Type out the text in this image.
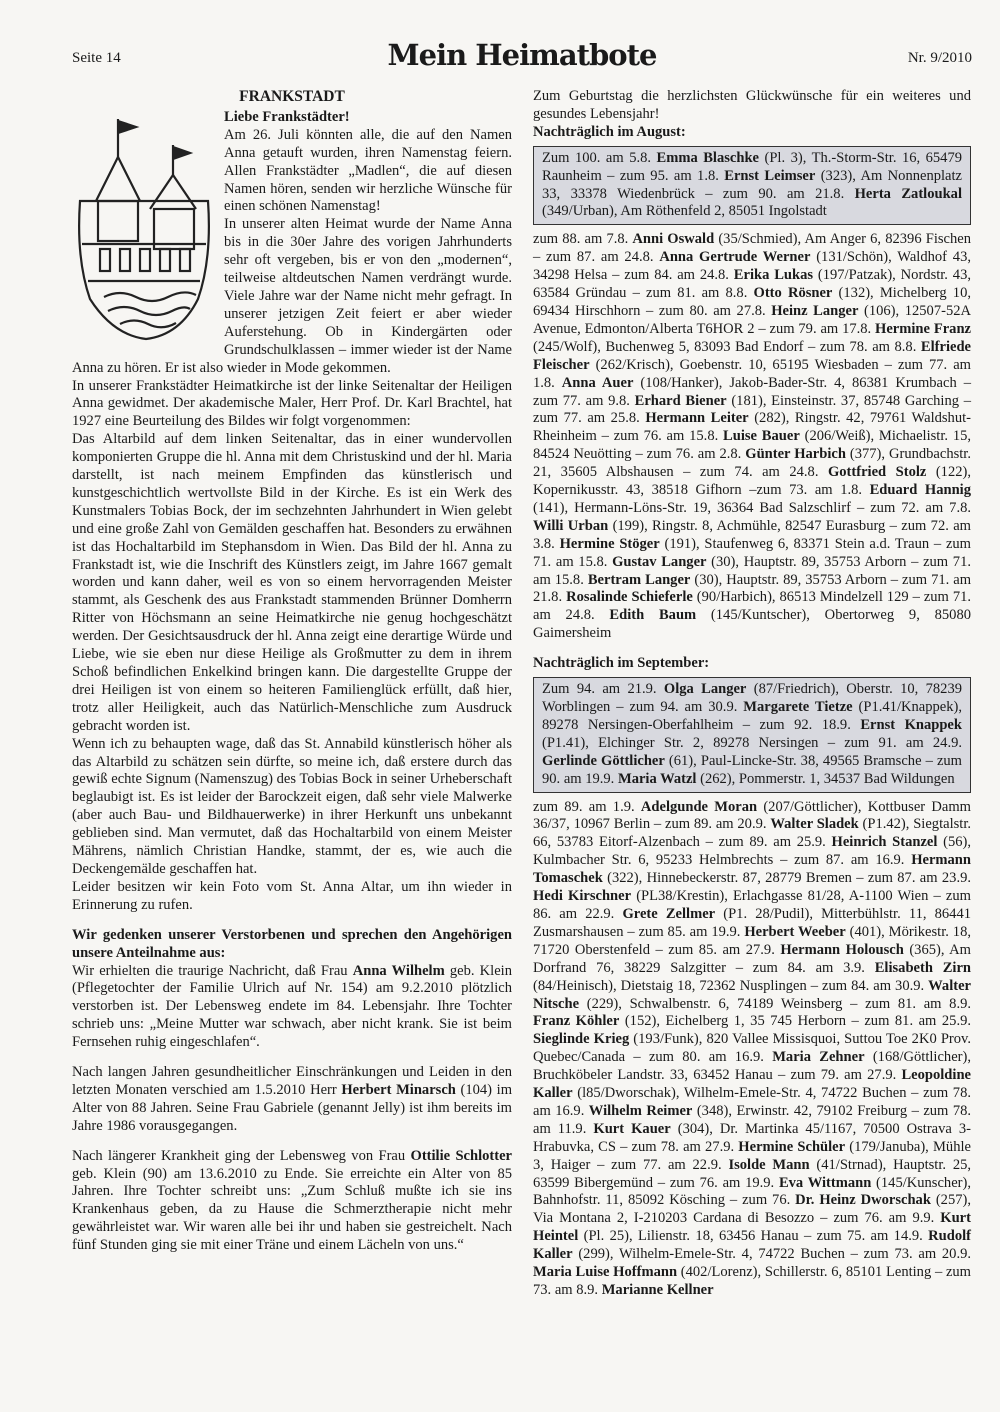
Seite 14	Mein Heimatbote	Nr. 9/2010

FRANKSTADT

Liebe Frankstädter!

Am 26. Juli könnten alle, die auf den Namen Anna getauft wurden, ihren Namenstag feiern. Allen Frankstädter „Madlen“, die auf diesen Namen hören, senden wir herzliche Wünsche für einen schönen Namenstag!

In unserer alten Heimat wurde der Name Anna bis in die 30er Jahre des vorigen Jahrhunderts sehr oft vergeben, bis er von den „modernen“, teilweise altdeutschen Namen verdrängt wurde. Viele Jahre war der Name nicht mehr gefragt. In unserer jetzigen Zeit feiert er aber wieder Auferstehung. Ob in Kindergärten oder Grundschulklassen – immer wieder ist der Name Anna zu hören. Er ist also wieder in Mode gekommen.

In unserer Frankstädter Heimatkirche ist der linke Seitenaltar der Heiligen Anna gewidmet. Der akademische Maler, Herr Prof. Dr. Karl Brachtel, hat 1927 eine Beurteilung des Bildes wir folgt vorgenommen:

Das Altarbild auf dem linken Seitenaltar, das in einer wundervollen komponierten Gruppe die hl. Anna mit dem Christuskind und der hl. Maria darstellt, ist nach meinem Empfinden das künstlerisch und kunstgeschichtlich wertvollste Bild in der Kirche. Es ist ein Werk des Kunstmalers Tobias Bock, der im sechzehnten Jahrhundert in Wien gelebt und eine große Zahl von Gemälden geschaffen hat. Besonders zu erwähnen ist das Hochaltarbild im Stephansdom in Wien. Das Bild der hl. Anna zu Frankstadt ist, wie die Inschrift des Künstlers zeigt, im Jahre 1667 gemalt worden und kann daher, weil es von so einem hervorragenden Meister stammt, als Geschenk des aus Frankstadt stammenden Brünner Domherrn Ritter von Höchsmann an seine Heimatkirche nie genug hochgeschätzt werden. Der Gesichtsausdruck der hl. Anna zeigt eine derartige Würde und Liebe, wie sie eben nur diese Heilige als Großmutter zu dem in ihrem Schoß befindlichen Enkelkind bringen kann. Die dargestellte Gruppe der drei Heiligen ist von einem so heiteren Familienglück erfüllt, daß hier, trotz aller Heiligkeit, auch das Natürlich-Menschliche zum Ausdruck gebracht worden ist.

Wenn ich zu behaupten wage, daß das St. Annabild künstlerisch höher als das Altarbild zu schätzen sein dürfte, so meine ich, daß erstere durch das gewiß echte Signum (Namenszug) des Tobias Bock in seiner Urheberschaft beglaubigt ist. Es ist leider der Barockzeit eigen, daß sehr viele Malwerke (aber auch Bau- und Bildhauerwerke) in ihrer Herkunft uns unbekannt geblieben sind. Man vermutet, daß das Hochaltarbild von einem Meister Mährens, nämlich Christian Handke, stammt, der es, wie auch die Deckengemälde geschaffen hat.

Leider besitzen wir kein Foto vom St. Anna Altar, um ihn wieder in Erinnerung zu rufen.

Wir gedenken unserer Verstorbenen und sprechen den Angehörigen unsere Anteilnahme aus:

Wir erhielten die traurige Nachricht, daß Frau Anna Wilhelm geb. Klein (Pflegetochter der Familie Ulrich auf Nr. 154) am 9.2.2010 plötzlich verstorben ist. Der Lebensweg endete im 84. Lebensjahr. Ihre Tochter schrieb uns: „Meine Mutter war schwach, aber nicht krank. Sie ist beim Fernsehen ruhig eingeschlafen“.

Nach langen Jahren gesundheitlicher Einschränkungen und Leiden in den letzten Monaten verschied am 1.5.2010 Herr Herbert Minarsch (104) im Alter von 88 Jahren. Seine Frau Gabriele (genannt Jelly) ist ihm bereits im Jahre 1986 vorausgegangen.

Nach längerer Krankheit ging der Lebensweg von Frau Ottilie Schlotter geb. Klein (90) am 13.6.2010 zu Ende. Sie erreichte ein Alter von 85 Jahren. Ihre Tochter schreibt uns: „Zum Schluß mußte ich sie ins Krankenhaus geben, da zu Hause die Schmerztherapie nicht mehr gewährleistet war. Wir waren alle bei ihr und haben sie gestreichelt. Nach fünf Stunden ging sie mit einer Träne und einem Lächeln von uns.“

Zum Geburtstag die herzlichsten Glückwünsche für ein weiteres und gesundes Lebensjahr!

Nachträglich im August:

Zum 100. am 5.8. Emma Blaschke (Pl. 3), Th.-Storm-Str. 16, 65479 Raunheim – zum 95. am 1.8. Ernst Leimser (323), Am Nonnenplatz 33, 33378 Wiedenbrück – zum 90. am 21.8. Herta Zatloukal (349/Urban), Am Röthenfeld 2, 85051 Ingolstadt

zum 88. am 7.8. Anni Oswald (35/Schmied), Am Anger 6, 82396 Fischen – zum 87. am 24.8. Anna Gertrude Werner (131/Schön), Waldhof 43, 34298 Helsa – zum 84. am 24.8. Erika Lukas (197/Patzak), Nordstr. 43, 63584 Gründau – zum 81. am 8.8. Otto Rösner (132), Michelberg 10, 69434 Hirschhorn – zum 80. am 27.8. Heinz Langer (106), 12507-52A Avenue, Edmonton/Alberta T6HOR 2 – zum 79. am 17.8. Hermine Franz (245/Wolf), Buchenweg 5, 83093 Bad Endorf – zum 78. am 8.8. Elfriede Fleischer (262/Krisch), Goebenstr. 10, 65195 Wiesbaden – zum 77. am 1.8. Anna Auer (108/Hanker), Jakob-Bader-Str. 4, 86381 Krumbach – zum 77. am 9.8. Erhard Biener (181), Einsteinstr. 37, 85748 Garching – zum 77. am 25.8. Hermann Leiter (282), Ringstr. 42, 79761 Waldshut-Rheinheim – zum 76. am 15.8. Luise Bauer (206/Weiß), Michaelistr. 15, 84524 Neuötting – zum 76. am 2.8. Günter Harbich (377), Grundbachstr. 21, 35605 Albshausen – zum 74. am 24.8. Gottfried Stolz (122), Kopernikusstr. 43, 38518 Gifhorn –zum 73. am 1.8. Eduard Hannig (141), Hermann-Löns-Str. 19, 36364 Bad Salzschlirf – zum 72. am 7.8. Willi Urban (199), Ringstr. 8, Achmühle, 82547 Eurasburg – zum 72. am 3.8. Hermine Stöger (191), Staufenweg 6, 83371 Stein a.d. Traun – zum 71. am 15.8. Gustav Langer (30), Hauptstr. 89, 35753 Arborn – zum 71. am 15.8. Bertram Langer (30), Hauptstr. 89, 35753 Arborn – zum 71. am 21.8. Rosalinde Schieferle (90/Harbich), 86513 Mindelzell 129 – zum 71. am 24.8. Edith Baum (145/Kuntscher), Obertorweg 9, 85080 Gaimersheim

Nachträglich im September:

Zum 94. am 21.9. Olga Langer (87/Friedrich), Oberstr. 10, 78239 Worblingen – zum 94. am 30.9. Margarete Tietze (P1.41/Knappek), 89278 Nersingen-Oberfahlheim – zum 92. 18.9. Ernst Knappek (P1.41), Elchinger Str. 2, 89278 Nersingen – zum 91. am 24.9. Gerlinde Göttlicher (61), Paul-Lincke-Str. 38, 49565 Bramsche – zum 90. am 19.9. Maria Watzl (262), Pommerstr. 1, 34537 Bad Wildungen

zum 89. am 1.9. Adelgunde Moran (207/Göttlicher), Kottbuser Damm 36/37, 10967 Berlin – zum 89. am 20.9. Walter Sladek (P1.42), Siegtalstr. 66, 53783 Eitorf-Alzenbach – zum 89. am 25.9. Heinrich Stanzel (56), Kulmbacher Str. 6, 95233 Helmbrechts – zum 87. am 16.9. Hermann Tomaschek (322), Hinnebeckerstr. 87, 28779 Bremen – zum 87. am 23.9. Hedi Kirschner (PL38/Krestin), Erlachgasse 81/28, A-1100 Wien – zum 86. am 22.9. Grete Zellmer (P1. 28/Pudil), Mitterbühlstr. 11, 86441 Zusmarshausen – zum 85. am 19.9. Herbert Weeber (401), Mörikestr. 18, 71720 Oberstenfeld – zum 85. am 27.9. Hermann Holousch (365), Am Dorfrand 76, 38229 Salzgitter – zum 84. am 3.9. Elisabeth Zirn (84/Heinisch), Dietstaig 18, 72362 Nusplingen – zum 84. am 30.9. Walter Nitsche (229), Schwalbenstr. 6, 74189 Weinsberg – zum 81. am 8.9. Franz Köhler (152), Eichelberg 1, 35 745 Herborn – zum 81. am 25.9. Sieglinde Krieg (193/Funk), 820 Vallee Missisquoi, Suttou Toe 2K0 Prov. Quebec/Canada – zum 80. am 16.9. Maria Zehner (168/Göttlicher), Bruchköbeler Landstr. 33, 63452 Hanau – zum 79. am 27.9. Leopoldine Kaller (l85/Dworschak), Wilhelm-Emele-Str. 4, 74722 Buchen – zum 78. am 16.9. Wilhelm Reimer (348), Erwinstr. 42, 79102 Freiburg – zum 78. am 11.9. Kurt Kauer (304), Dr. Martinka 45/1167, 70500 Ostrava 3-Hrabuvka, CS – zum 78. am 27.9. Hermine Schüler (179/Januba), Mühle 3, Haiger – zum 77. am 22.9. Isolde Mann (41/Strnad), Hauptstr. 25, 63599 Bibergemünd – zum 76. am 19.9. Eva Wittmann (145/Kunscher), Bahnhofstr. 11, 85092 Kösching – zum 76. Dr. Heinz Dworschak (257), Via Montana 2, I-210203 Cardana di Besozzo – zum 76. am 9.9. Kurt Heintel (Pl. 25), Lilienstr. 18, 63456 Hanau – zum 75. am 14.9. Rudolf Kaller (299), Wilhelm-Emele-Str. 4, 74722 Buchen – zum 73. am 20.9. Maria Luise Hoffmann (402/Lorenz), Schillerstr. 6, 85101 Lenting – zum 73. am 8.9. Marianne Kellner
